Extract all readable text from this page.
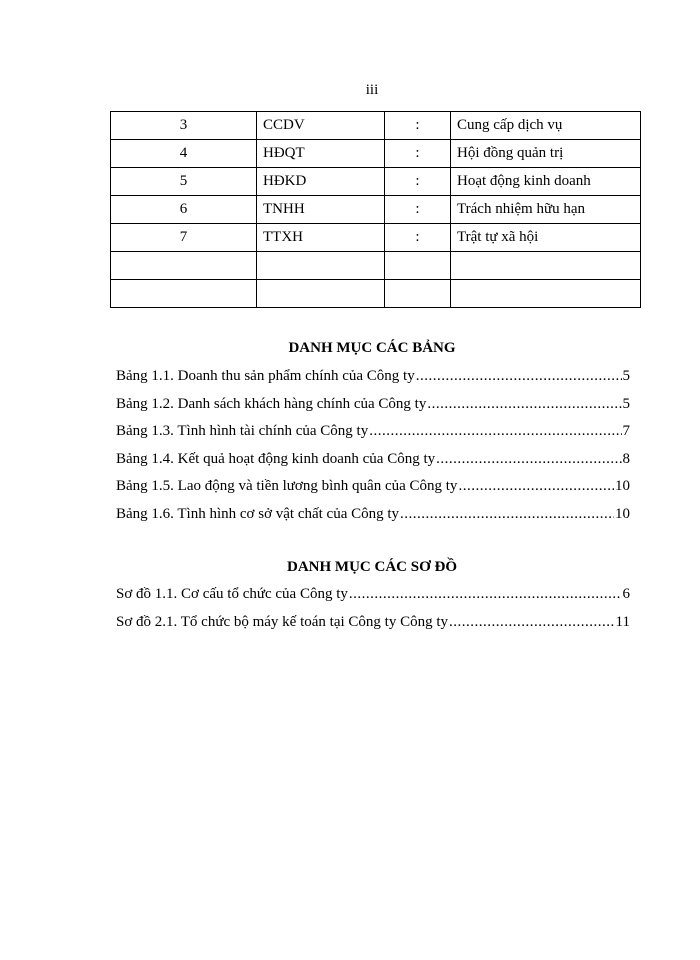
iii
3	CCDV	:	Cung cấp dịch vụ
4	HĐQT	:	Hội đồng quản trị
5	HĐKD	:	Hoạt động kinh doanh
6	TNHH	:	Trách nhiệm hữu hạn
7	TTXH	:	Trật tự xã hội

DANH MỤC CÁC BẢNG
Bảng 1.1. Doanh thu sản phẩm chính của Công ty .....	5
Bảng 1.2. Danh sách khách hàng chính của Công ty .....	5
Bảng 1.3. Tình hình tài chính của Công ty .....	7
Bảng 1.4. Kết quả hoạt động kinh doanh của Công ty .....	8
Bảng 1.5. Lao động và tiền lương bình quân của Công ty .....	10
Bảng 1.6. Tình hình cơ sở vật chất của Công ty .....	10
DANH MỤC CÁC SƠ ĐỒ
Sơ đồ 1.1. Cơ cấu tổ chức của Công ty .....	6
Sơ đồ 2.1. Tổ chức bộ máy kế toán tại Công ty Công ty .....	11
